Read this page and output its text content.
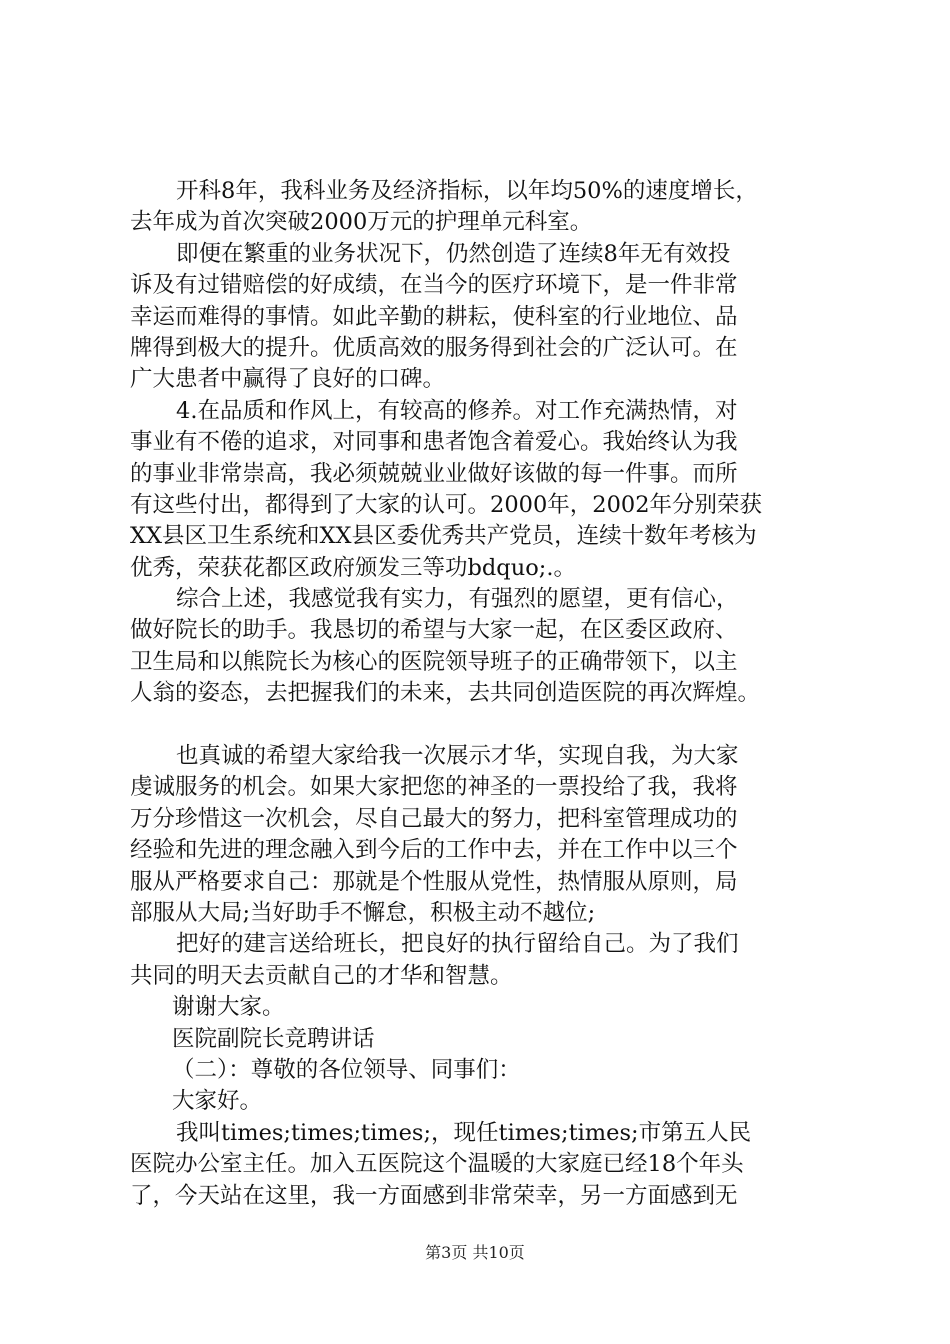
开科8年，我科业务及经济指标，以年均50%的速度增长，
去年成为首次突破2000万元的护理单元科室。
即便在繁重的业务状况下，仍然创造了连续8年无有效投
诉及有过错赔偿的好成绩，在当今的医疗环境下，是一件非常
幸运而难得的事情。如此辛勤的耕耘，使科室的行业地位、品
牌得到极大的提升。优质高效的服务得到社会的广泛认可。在
广大患者中赢得了良好的口碑。
4.在品质和作风上，有较高的修养。对工作充满热情，对
事业有不倦的追求，对同事和患者饱含着爱心。我始终认为我
的事业非常崇高，我必须兢兢业业做好该做的每一件事。而所
有这些付出，都得到了大家的认可。2000年，2002年分别荣获
XX县区卫生系统和XX县区委优秀共产党员，连续十数年考核为
优秀，荣获花都区政府颁发三等功bdquo;.。
综合上述，我感觉我有实力，有强烈的愿望，更有信心，
做好院长的助手。我恳切的希望与大家一起，在区委区政府、
卫生局和以熊院长为核心的医院领导班子的正确带领下，以主
人翁的姿态，去把握我们的未来，去共同创造医院的再次辉煌。
也真诚的希望大家给我一次展示才华，实现自我，为大家
虔诚服务的机会。如果大家把您的神圣的一票投给了我，我将
万分珍惜这一次机会，尽自己最大的努力，把科室管理成功的
经验和先进的理念融入到今后的工作中去，并在工作中以三个
服从严格要求自己：那就是个性服从党性，热情服从原则，局
部服从大局;当好助手不懈怠，积极主动不越位;
把好的建言送给班长，把良好的执行留给自己。为了我们
共同的明天去贡献自己的才华和智慧。
谢谢大家。
医院副院长竞聘讲话
（二）：尊敬的各位领导、同事们：
大家好。
我叫times;times;times;，现任times;times;市第五人民
医院办公室主任。加入五医院这个温暖的大家庭已经18个年头
了，今天站在这里，我一方面感到非常荣幸，另一方面感到无
第3页 共10页
